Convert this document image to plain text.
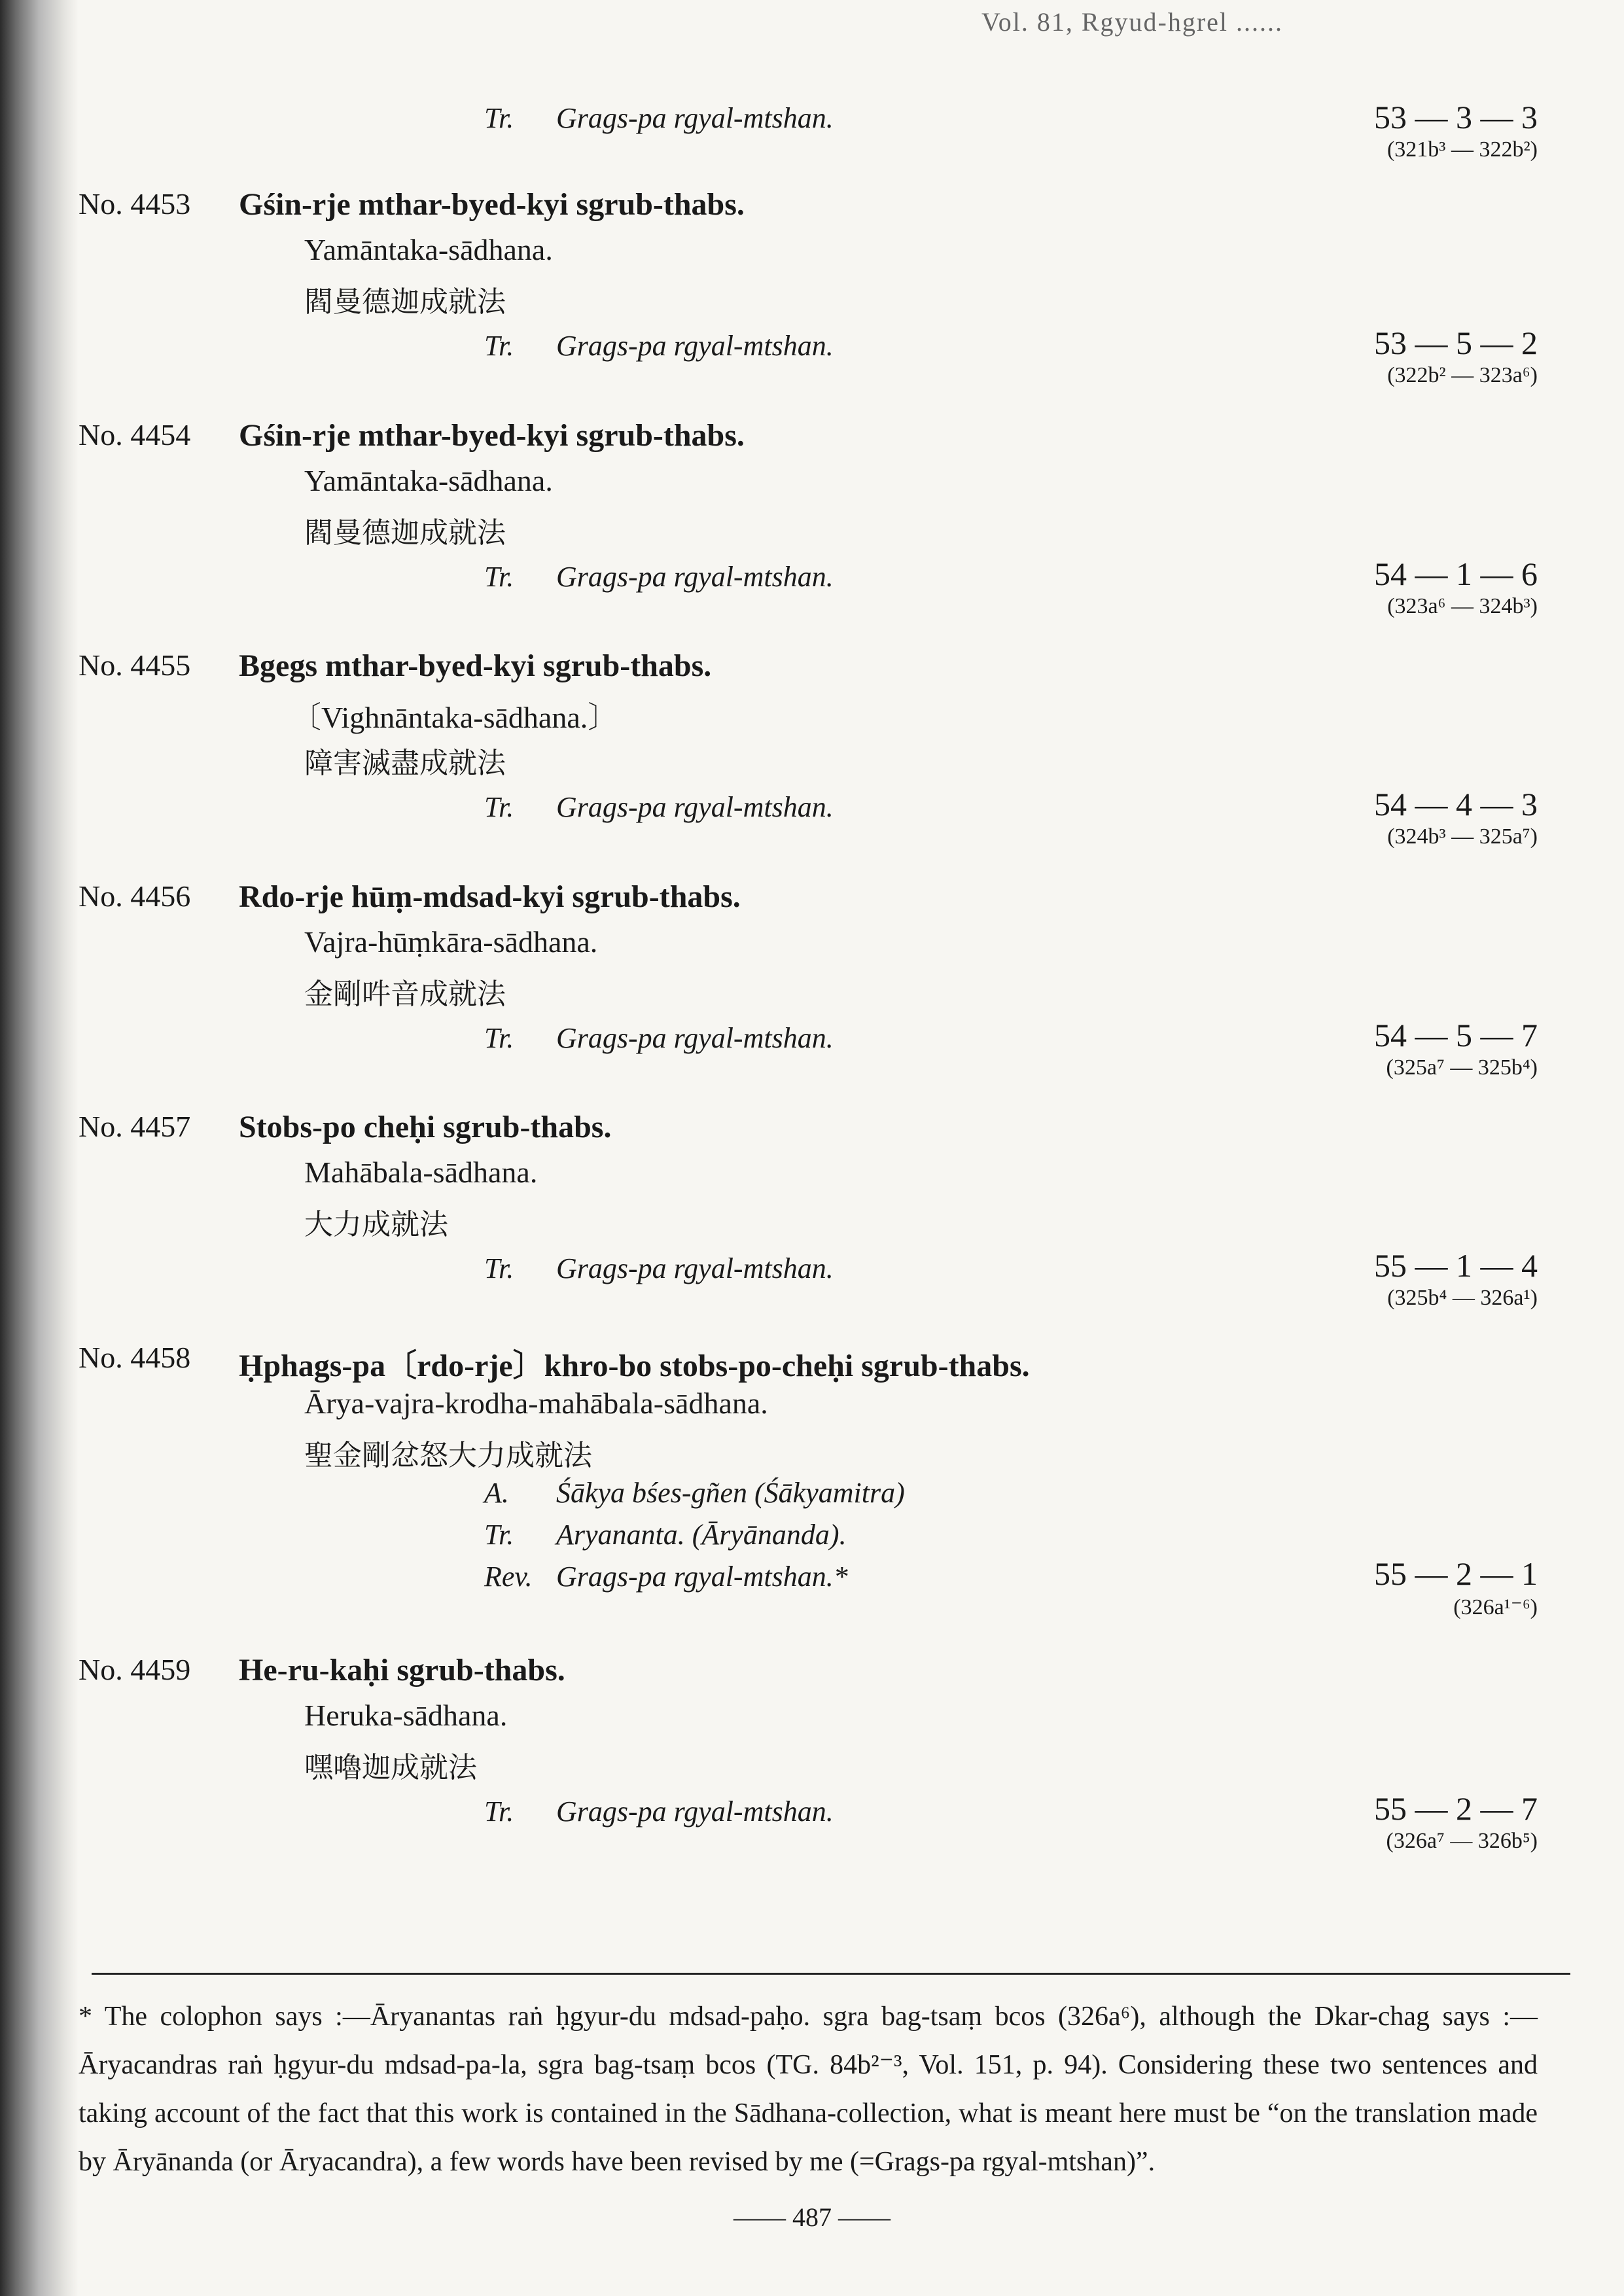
Vol. 81, Rgyud-hgrel ......
Tr. Grags-pa rgyal-mtshan.	53 — 3 — 3
(321b³ — 322b²)
No. 4453 Gśin-rje mthar-byed-kyi sgrub-thabs.
Yamāntaka-sādhana.
閻曼德迦成就法
Tr. Grags-pa rgyal-mtshan.	53 — 5 — 2
(322b² — 323a⁶)
No. 4454 Gśin-rje mthar-byed-kyi sgrub-thabs.
Yamāntaka-sādhana.
閻曼德迦成就法
Tr. Grags-pa rgyal-mtshan.	54 — 1 — 6
(323a⁶ — 324b³)
No. 4455 Bgegs mthar-byed-kyi sgrub-thabs.
〔Vighnāntaka-sādhana.〕
障害滅盡成就法
Tr. Grags-pa rgyal-mtshan.	54 — 4 — 3
(324b³ — 325a⁷)
No. 4456 Rdo-rje hūṃ-mdsad-kyi sgrub-thabs.
Vajra-hūṃkāra-sādhana.
金剛吽音成就法
Tr. Grags-pa rgyal-mtshan.	54 — 5 — 7
(325a⁷ — 325b⁴)
No. 4457 Stobs-po cheḥi sgrub-thabs.
Mahābala-sādhana.
大力成就法
Tr. Grags-pa rgyal-mtshan.	55 — 1 — 4
(325b⁴ — 326a¹)
No. 4458 Ḥphags-pa〔rdo-rje〕khro-bo stobs-po-cheḥi sgrub-thabs.
Ārya-vajra-krodha-mahābala-sādhana.
聖金剛忿怒大力成就法
A. Śākya bśes-gñen (Śākyamitra)
Tr. Aryananta. (Āryānanda).
Rev. Grags-pa rgyal-mtshan.*	55 — 2 — 1
(326a¹⁻⁶)
No. 4459 He-ru-kaḥi sgrub-thabs.
Heruka-sādhana.
嘿嚕迦成就法
Tr. Grags-pa rgyal-mtshan.	55 — 2 — 7
(326a⁷ — 326b⁵)
* The colophon says :—Āryanantas raṅ ḥgyur-du mdsad-paḥo. sgra bag-tsaṃ bcos (326a⁶), although the Dkar-chag says :—Āryacandras raṅ ḥgyur-du mdsad-pa-la, sgra bag-tsaṃ bcos (TG. 84b²⁻³, Vol. 151, p. 94). Considering these two sentences and taking account of the fact that this work is contained in the Sādhana-collection, what is meant here must be “on the translation made by Āryānanda (or Āryacandra), a few words have been revised by me (=Grags-pa rgyal-mtshan)”.
—— 487 ——
